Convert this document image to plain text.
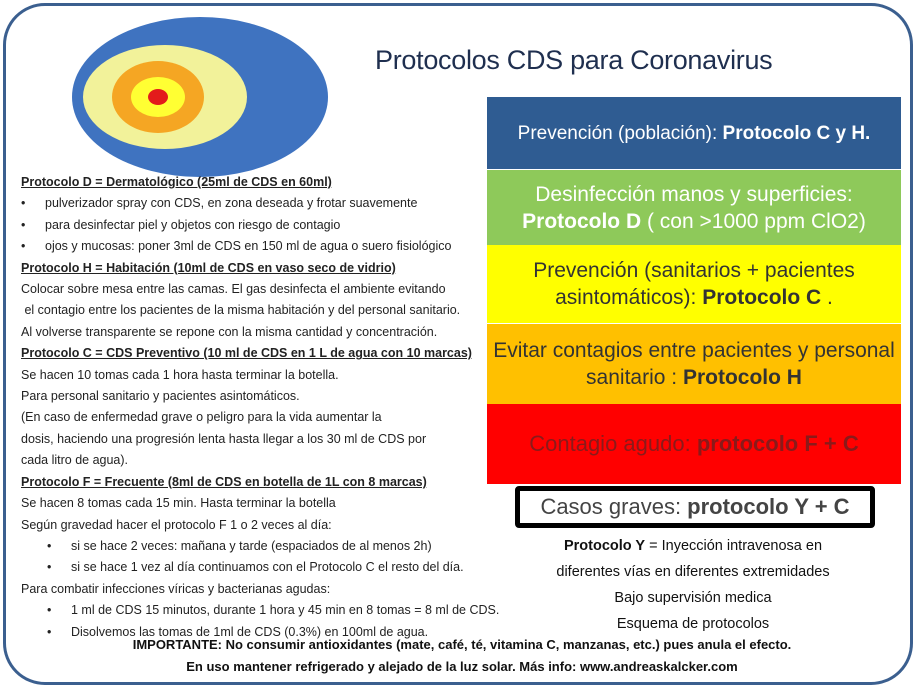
Protocolos CDS para Coronavirus
Prevención (población): Protocolo C y H.
Desinfección manos y superficies: Protocolo D ( con >1000 ppm ClO2)
Prevención (sanitarios + pacientes asintomáticos): Protocolo C .
Evitar contagios entre pacientes y personal sanitario : Protocolo H
Contagio agudo: protocolo F + C
Casos graves: protocolo Y + C
Protocolo D = Dermatológico (25ml de CDS en 60ml)
• pulverizador spray con CDS, en zona deseada y frotar suavemente
• para desinfectar piel y objetos con riesgo de contagio
• ojos y mucosas: poner 3ml de CDS en 150 ml de agua o suero fisiológico
Protocolo H = Habitación (10ml de CDS en vaso seco de vidrio)
Colocar sobre mesa entre las camas. El gas desinfecta el ambiente evitando
el contagio entre los pacientes de la misma habitación y del personal sanitario.
Al volverse transparente se repone con la misma cantidad y concentración.
Protocolo C = CDS Preventivo (10 ml de CDS en 1 L de agua con 10 marcas)
Se hacen 10 tomas cada 1 hora hasta terminar la botella.
Para personal sanitario y pacientes asintomáticos.
(En caso de enfermedad grave o peligro para la vida aumentar la
dosis, haciendo una progresión lenta hasta llegar a los 30 ml de CDS por
cada litro de agua).
Protocolo F = Frecuente (8ml de CDS en botella de 1L con 8 marcas)
Se hacen 8 tomas cada 15 min. Hasta terminar la botella
Según gravedad hacer el protocolo F 1 o 2 veces al día:
• si se hace 2 veces: mañana y tarde (espaciados de al menos 2h)
• si se hace 1 vez al día continuamos con el Protocolo C el resto del día.
Para combatir infecciones víricas y bacterianas agudas:
• 1 ml de CDS 15 minutos, durante 1 hora y 45 min en 8 tomas = 8 ml de CDS.
• Disolvemos las tomas de 1ml de CDS (0.3%) en 100ml de agua.
Protocolo Y = Inyección intravenosa en
diferentes vías en diferentes extremidades
Bajo supervisión medica
Esquema de protocolos
IMPORTANTE: No consumir antioxidantes (mate, café, té, vitamina C, manzanas, etc.) pues anula el efecto.
En uso mantener refrigerado y alejado de la luz solar. Más info: www.andreaskalcker.com
